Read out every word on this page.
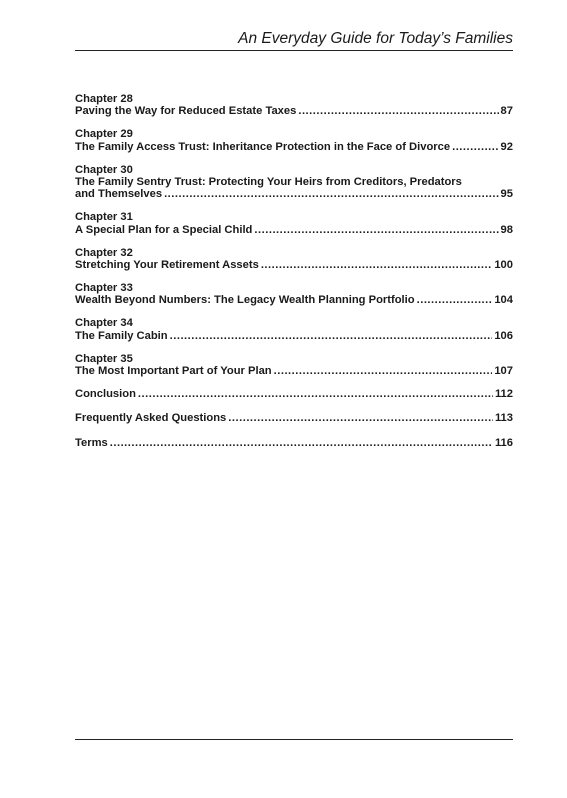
An Everyday Guide for Today’s Families
Chapter 28
Paving the Way for Reduced Estate Taxes .....	87
Chapter 29
The Family Access Trust: Inheritance Protection in the Face of Divorce .....	92
Chapter 30
The Family Sentry Trust: Protecting Your Heirs from Creditors, Predators
and Themselves .....	95
Chapter 31
A Special Plan for a Special Child .....	98
Chapter 32
Stretching Your Retirement Assets .....	100
Chapter 33
Wealth Beyond Numbers: The Legacy Wealth Planning Portfolio .....	104
Chapter 34
The Family Cabin .....	106
Chapter 35
The Most Important Part of Your Plan .....	107
Conclusion .....	112
Frequently Asked Questions .....	113
Terms .....	116
